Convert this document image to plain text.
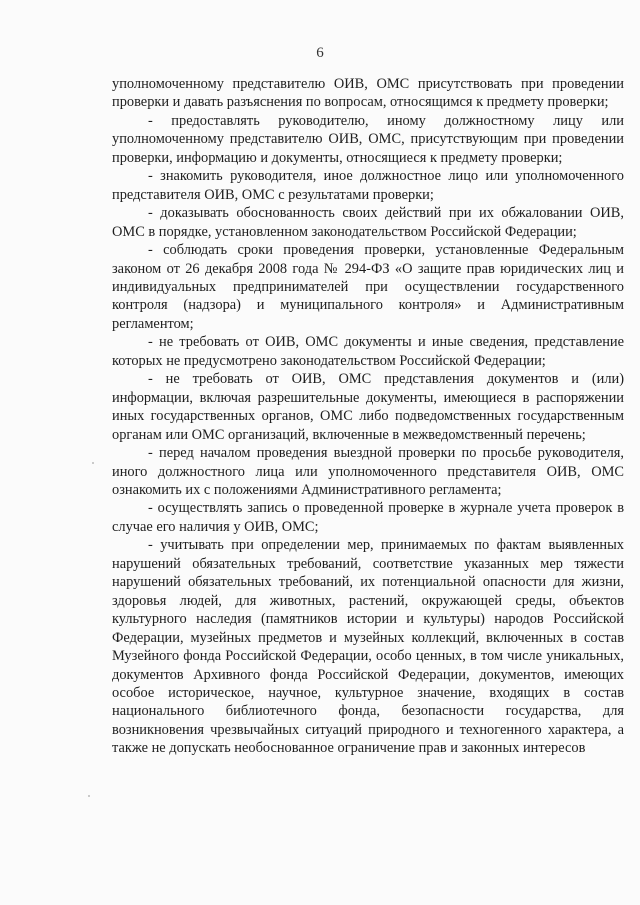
6

уполномоченному представителю ОИВ, ОМС присутствовать при проведении проверки и давать разъяснения по вопросам, относящимся к предмету проверки;

- предоставлять руководителю, иному должностному лицу или уполномоченному представителю ОИВ, ОМС, присутствующим при проведении проверки, информацию и документы, относящиеся к предмету проверки;

- знакомить руководителя, иное должностное лицо или уполномоченного представителя ОИВ, ОМС с результатами проверки;

- доказывать обоснованность своих действий при их обжаловании ОИВ, ОМС в порядке, установленном законодательством Российской Федерации;

- соблюдать сроки проведения проверки, установленные Федеральным законом от 26 декабря 2008 года № 294-ФЗ «О защите прав юридических лиц и индивидуальных предпринимателей при осуществлении государственного контроля (надзора) и муниципального контроля» и Административным регламентом;

- не требовать от ОИВ, ОМС документы и иные сведения, представление которых не предусмотрено законодательством Российской Федерации;

- не требовать от ОИВ, ОМС представления документов и (или) информации, включая разрешительные документы, имеющиеся в распоряжении иных государственных органов, ОМС либо подведомственных государственным органам или ОМС организаций, включенные в межведомственный перечень;

- перед началом проведения выездной проверки по просьбе руководителя, иного должностного лица или уполномоченного представителя ОИВ, ОМС ознакомить их с положениями Административного регламента;

- осуществлять запись о проведенной проверке в журнале учета проверок в случае его наличия у ОИВ, ОМС;

- учитывать при определении мер, принимаемых по фактам выявленных нарушений обязательных требований, соответствие указанных мер тяжести нарушений обязательных требований, их потенциальной опасности для жизни, здоровья людей, для животных, растений, окружающей среды, объектов культурного наследия (памятников истории и культуры) народов Российской Федерации, музейных предметов и музейных коллекций, включенных в состав Музейного фонда Российской Федерации, особо ценных, в том числе уникальных, документов Архивного фонда Российской Федерации, документов, имеющих особое историческое, научное, культурное значение, входящих в состав национального библиотечного фонда, безопасности государства, для возникновения чрезвычайных ситуаций природного и техногенного характера, а также не допускать необоснованное ограничение прав и законных интересов
